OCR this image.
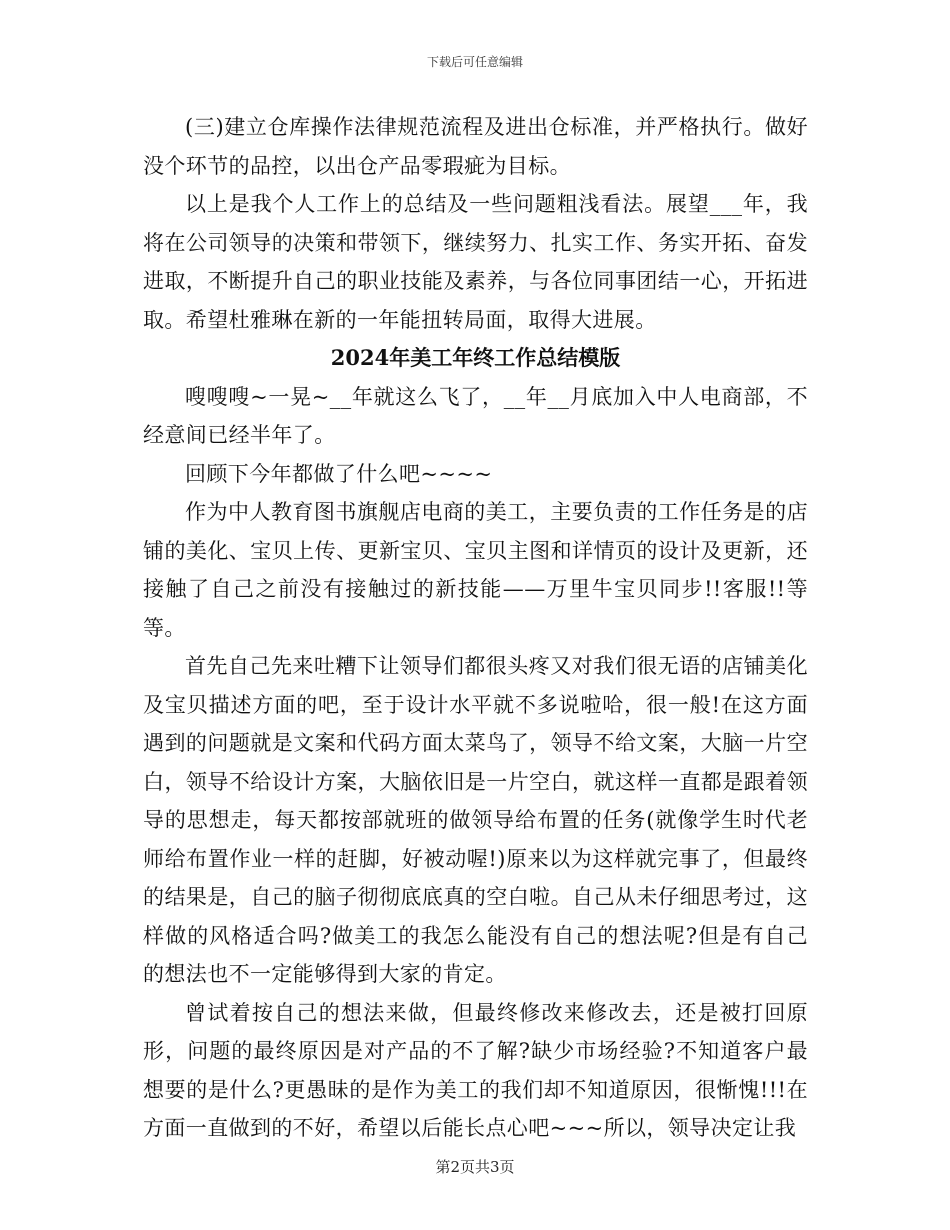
下载后可任意编辑

(三)建立仓库操作法律规范流程及进出仓标准，并严格执行。做好没个环节的品控，以出仓产品零瑕疵为目标。

以上是我个人工作上的总结及一些问题粗浅看法。展望___年，我将在公司领导的决策和带领下，继续努力、扎实工作、务实开拓、奋发进取，不断提升自己的职业技能及素养，与各位同事团结一心，开拓进取。希望杜雅琳在新的一年能扭转局面，取得大进展。

2024年美工年终工作总结模版

嗖嗖嗖~一晃~__年就这么飞了，__年__月底加入中人电商部，不经意间已经半年了。

回顾下今年都做了什么吧~~~~

作为中人教育图书旗舰店电商的美工，主要负责的工作任务是的店铺的美化、宝贝上传、更新宝贝、宝贝主图和详情页的设计及更新，还接触了自己之前没有接触过的新技能——万里牛宝贝同步!!客服!!等等。

首先自己先来吐糟下让领导们都很头疼又对我们很无语的店铺美化及宝贝描述方面的吧，至于设计水平就不多说啦哈，很一般!在这方面遇到的问题就是文案和代码方面太菜鸟了，领导不给文案，大脑一片空白，领导不给设计方案，大脑依旧是一片空白，就这样一直都是跟着领导的思想走，每天都按部就班的做领导给布置的任务(就像学生时代老师给布置作业一样的赶脚，好被动喔!)原来以为这样就完事了，但最终的结果是，自己的脑子彻彻底底真的空白啦。自己从未仔细思考过，这样做的风格适合吗?做美工的我怎么能没有自己的想法呢?但是有自己的想法也不一定能够得到大家的肯定。

曾试着按自己的想法来做，但最终修改来修改去，还是被打回原形，问题的最终原因是对产品的不了解?缺少市场经验?不知道客户最想要的是什么?更愚昧的是作为美工的我们却不知道原因，很惭愧!!!在方面一直做到的不好，希望以后能长点心吧~~~所以，领导决定让我

第2页共3页
